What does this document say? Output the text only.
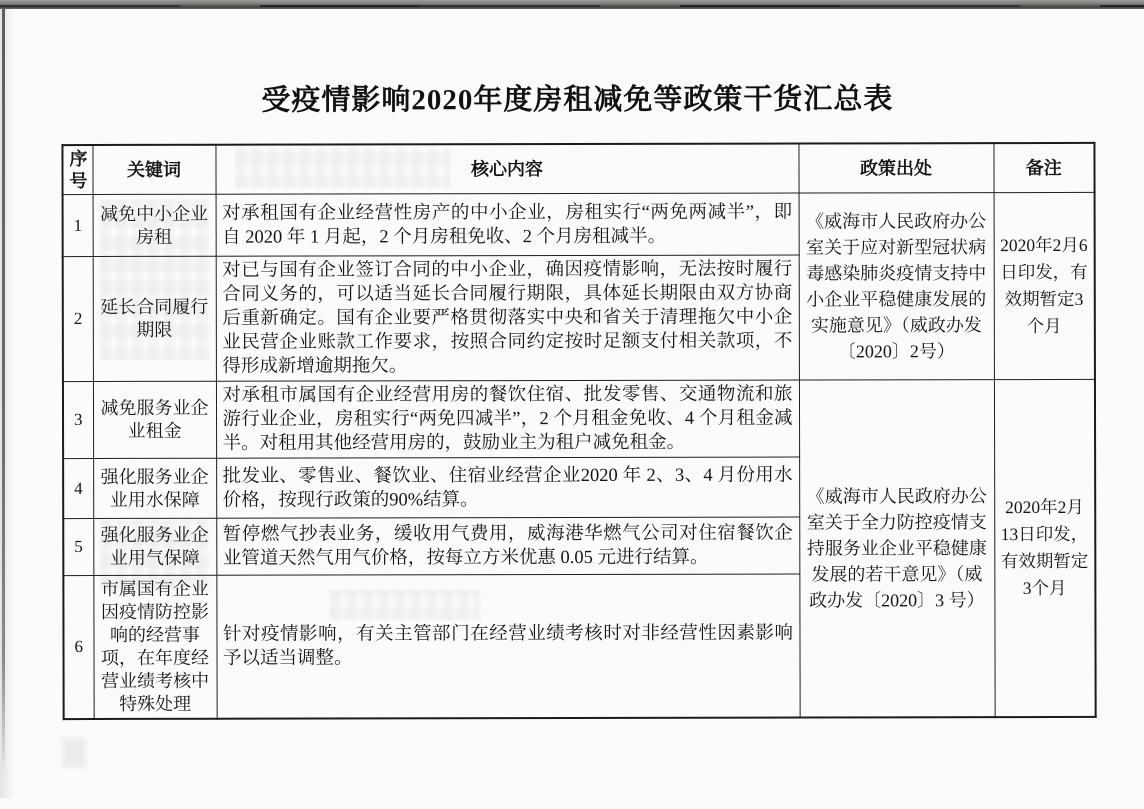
受疫情影响2020年度房租减免等政策干货汇总表
序号	关键词	核心内容	政策出处	备注
1	减免中小企业房租	对承租国有企业经营性房产的中小企业，房租实行“两免两减半”，即自 2020 年 1 月起，2 个月房租免收、2 个月房租减半。	《威海市人民政府办公室关于应对新型冠状病毒感染肺炎疫情支持中小企业平稳健康发展的实施意见》（威政办发〔2020〕2号）	2020年2月6日印发，有效期暂定3个月
2	延长合同履行期限	对已与国有企业签订合同的中小企业，确因疫情影响，无法按时履行合同义务的，可以适当延长合同履行期限，具体延长期限由双方协商后重新确定。国有企业要严格贯彻落实中央和省关于清理拖欠中小企业民营企业账款工作要求，按照合同约定按时足额支付相关款项，不得形成新增逾期拖欠。		
3	减免服务业企业租金	对承租市属国有企业经营用房的餐饮住宿、批发零售、交通物流和旅游行业企业，房租实行“两免四减半”，2 个月租金免收、4 个月租金减半。对租用其他经营用房的，鼓励业主为租户减免租金。	《威海市人民政府办公室关于全力防控疫情支持服务业企业平稳健康发展的若干意见》（威政办发〔2020〕3 号）	2020年2月13日印发，有效期暂定3个月
4	强化服务业企业用水保障	批发业、零售业、餐饮业、住宿业经营企业2020 年 2、3、4 月份用水价格，按现行政策的90%结算。		
5	强化服务业企业用气保障	暂停燃气抄表业务，缓收用气费用，威海港华燃气公司对住宿餐饮企业管道天然气用气价格，按每立方米优惠 0.05 元进行结算。		
6	市属国有企业因疫情防控影响的经营事项，在年度经营业绩考核中特殊处理	针对疫情影响，有关主管部门在经营业绩考核时对非经营性因素影响予以适当调整。		
